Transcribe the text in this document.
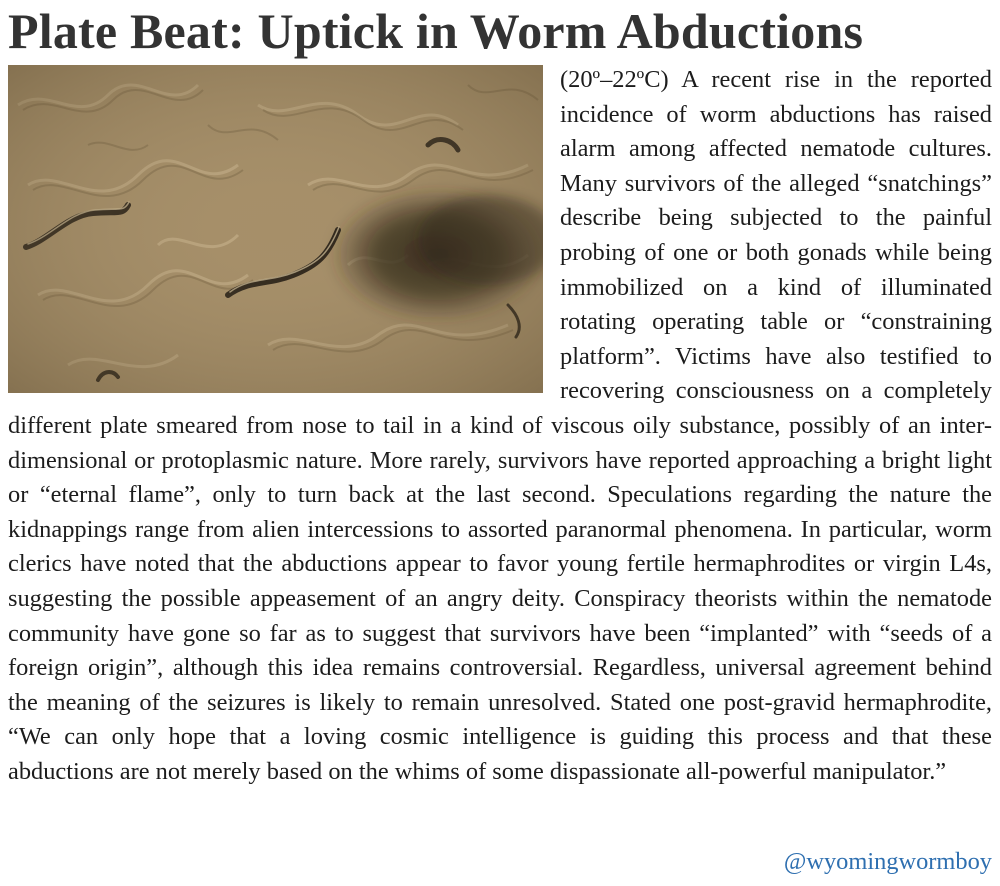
Plate Beat: Uptick in Worm Abductions
(20º–22ºC) A recent rise in the reported incidence of worm abductions has raised alarm among affected nematode cultures. Many survivors of the alleged “snatchings” describe being subjected to the painful probing of one or both gonads while being immobilized on a kind of illuminated rotating operating table or “constraining platform”. Victims have also testified to recovering consciousness on a completely different plate smeared from nose to tail in a kind of viscous oily substance, possibly of an inter-dimensional or protoplasmic nature. More rarely, survivors have reported approaching a bright light or “eternal flame”, only to turn back at the last second. Speculations regarding the nature the kidnappings range from alien intercessions to assorted paranormal phenomena. In particular, worm clerics have noted that the abductions appear to favor young fertile hermaphrodites or virgin L4s, suggesting the possible appeasement of an angry deity. Conspiracy theorists within the nematode community have gone so far as to suggest that survivors have been “implanted” with “seeds of a foreign origin”, although this idea remains controversial. Regardless, universal agreement behind the meaning of the seizures is likely to remain unresolved. Stated one post-gravid hermaphrodite, “We can only hope that a loving cosmic intelligence is guiding this process and that these abductions are not merely based on the whims of some dispassionate all-powerful manipulator.”
@wyomingwormboy
